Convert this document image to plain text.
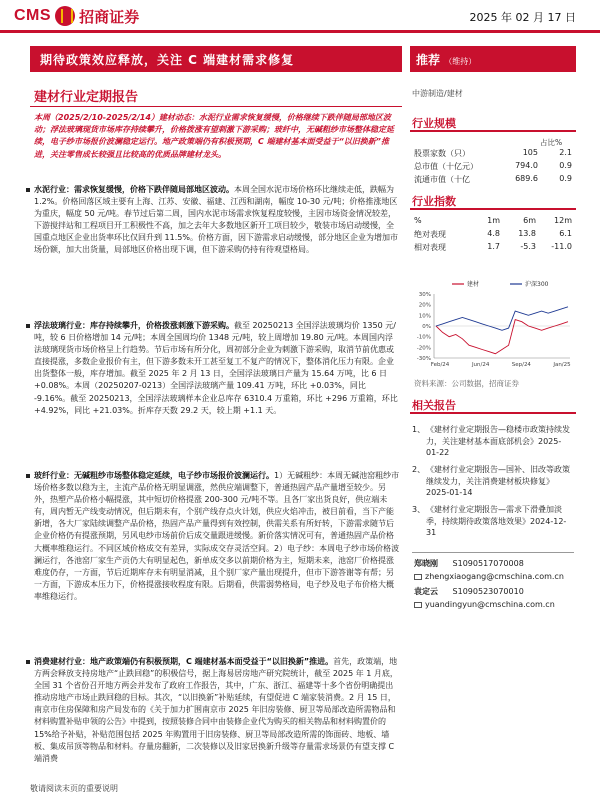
CMS 招商证券	2025 年 02 月 17 日
期待政策效应释放，关注 C 端建材需求修复	推荐 （维持）
建材行业定期报告
本周（2025/2/10-2025/2/14）建材动态：水泥行业需求恢复缓慢，价格继续下跌伴随局部地区波动；浮法玻璃现货市场库存持续攀升，价格拨涨有望刺激下游采购；玻纤中，无碱粗纱市场整体稳定延续，电子纱市场报价波澜稳定运行。地产政策端仍有积极预期，C 端建材基本面受益于“以旧换新”推进，关注零售成长较强且比较高的优质品牌建材龙头。
水泥行业：需求恢复缓慢，价格下跌伴随局部地区波动。本周全国水泥市场价格环比继续走低，跌幅为 1.2%。价格回落区域主要有上海、江苏、安徽、福建、江西和湖南，幅度 10-30 元/吨；价格推涨地区为重庆，幅度 50 元/吨。春节过后第二周，国内水泥市场需求恢复程度较慢，主因市场资金情况较差，下游搅拌站和工程项目开工积极性不高，加之去年大多数地区新开工项目较少，敬装市场启动缓慢，全国重点地区企业出货率环比仅回升到 11.5%。价格方面，因下游需求启动缓慢，部分地区企业为增加市场份额，加大出货量，局部地区价格出现下调，但下游采购仍持有待观望格局。
浮法玻璃行业：库存持续攀升，价格拨涨刺激下游采购。截至 20250213 全国浮法玻璃均价 1350 元/吨，较 6 日价格增加 14 元/吨；本周全国周均价 1348 元/吨，较上周增加 19.80 元/吨。本周国内浮法玻璃现货市场价格呈上行趋势。节后市场有所分化，周初部分企业为刺激下游采购，取消节前优惠或直接提涨，多数企业报价有主，但下游多数未开工甚至复工不复产的情况下，整体消化压力有限。企业出货整体一般，库存增加。截至 2025 年 2 月 13 日，全国浮法玻璃日产量为 15.64 万吨，比 6 日 +0.08%。本周（20250207-0213）全国浮法玻璃产量 109.41 万吨，环比 +0.03%，同比 -9.16%。截至 20250213，全国浮法玻璃样本企业总库存 6310.4 万重箱，环比 +296 万重箱，环比 +4.92%，同比 +21.03%。折库存天数 29.2 天，较上期 +1.1 天。
玻纤行业：无碱粗纱市场整体稳定延续，电子纱市场报价波澜运行。1）无碱粗纱：本周无碱池窑粗纱市场价格多数以稳为主，主流产品价格无明显调涨，然供应端调整下，普通热固产品产量增至较少。另外，热塑产品价格小幅提涨，其中短切价格提涨 200-300 元/吨不等。且各厂家出货良好，供应端未有，周内暂无产线变动情况，但后期未有，个别产线存点火计划，供应火焰冲击，被目前看，当下产能新增，各大厂家陆续调整产品价格，热固产品产量得到有效控制，供需关系有所好转，下游需求随节后企业价格仍有提涨预期，另风电纱市场前价后成交量跟进缓慢。新价落实情况可有，普通热固产品价格大概率维稳运行。不同区域价格成交有差异，实际成交存灵活空间。2）电子纱：本周电子纱市场价格波澜运行，各池窑厂家生产贡仍大有明显起色，新单成交多以前期价格为主，短期未来，池窑厂价格提涨难度仍存，一方面，节后近期库存未有明显消减，且个别厂家产量出现提升，但市下游答谢等有帮；另一方面，下游成本压力下，价格提涨接收程度有限。后期看，供需弱势格局，电子纱及电子布价格大概率维稳运行。
消费建材行业：地产政策端仍有积极预期，C 端建材基本面受益于“以旧换新”推进。首先，政策端，地方两会释放支持房地产“止跌回稳”的积极信号，据上海易居房地产研究院统计，截至 2025 年 1 月底，全国 31 个省份召开地方两会并发布了政府工作报告，其中，广东、浙江、福建等十多个省份明确提出推动房地产市场止跌回稳的目标。其次，“以旧换新”补贴延续，有望促进 C 端家装消费。2 月 15 日，南京市住房保障和房产局发布的《关于加力扩围南京市 2025 年旧房装修、厨卫等局部改造所需物品和材料购置补贴申领的公告》中提到，按照装修合同中由装修企业代为购买的相关物品和材料购置价的 15%给予补贴，补贴范围包括 2025 年购置用于旧房装修、厨卫等局部改造所需的饰面砖、地板、墙板、集成吊顶等物品和材料。存量房翻新，二次装修以及旧家居换新升级等存量需求场景仍有望支撑 C 端消费
中游制造/建材
行业规模
占比%
股票家数（只）	105	2.1
总市值（十亿元）	794.0	0.9
流通市值（十亿	689.6	0.9
行业指数
%	1m	6m	12m
绝对表现	4.8	13.8	6.1
相对表现	1.7	-5.3	-11.0
30%
20%
10%
0%
-10%
-20%
-30%
Feb/24	Jun/24	Sep/24	Jan/25
建材	沪深300
资料来源：公司数据，招商证券
相关报告
1、 《建材行业定期报告—稳楼市政策持续发力，关注建材基本面底部机会》2025-01-22
2、 《建材行业定期报告—国补、旧改等政策继续发力，关注消费建材板块修复》2025-01-14
3、 《建材行业定期报告—需求下滑叠加淡季，持续期待政策落地效果》2024-12-31
郑晓刚 S1090517070008
zhengxiaogang@cmschina.com.cn
袁定云 S1090523070010
yuandingyun@cmschina.com.cn
敬请阅读末页的重要说明
